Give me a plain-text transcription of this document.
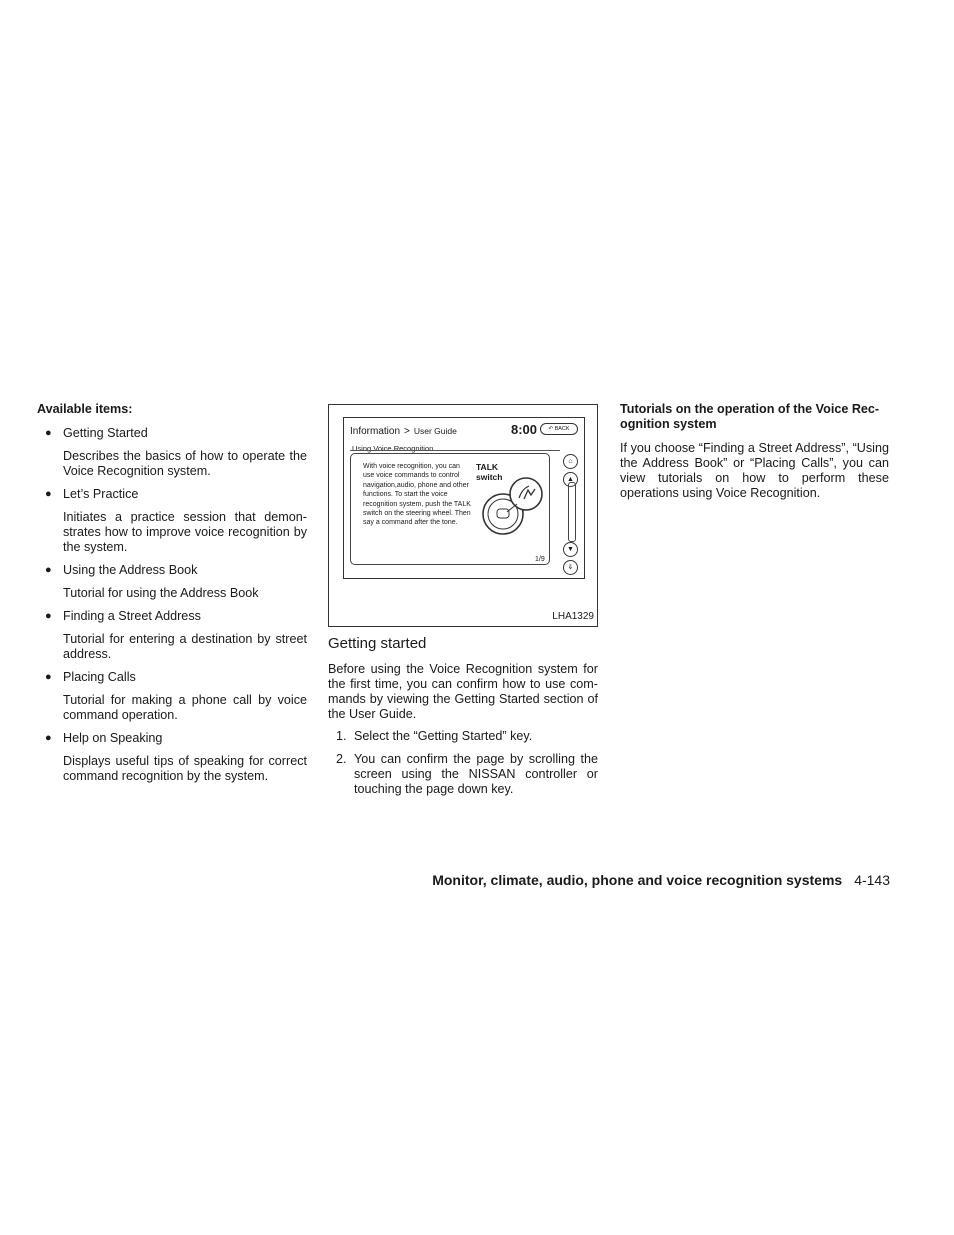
Available items:
● Getting Started
Describes the basics of how to operate the Voice Recognition system.
● Let’s Practice
Initiates a practice session that demon-strates how to improve voice recognition by the system.
● Using the Address Book
Tutorial for using the Address Book
● Finding a Street Address
Tutorial for entering a destination by street address.
● Placing Calls
Tutorial for making a phone call by voice command operation.
● Help on Speaking
Displays useful tips of speaking for correct command recognition by the system.
Information > User Guide	8:00	↶ BACK
Using Voice Recognition
With voice recognition, you can use voice commands to control navigation,audio, phone and other functions. To start the voice recognition system, push the TALK switch on the steering wheel. Then say a command after the tone.
TALK
switch
1/9
⌂
▲
▼
⇓
LHA1329
Getting started
Before using the Voice Recognition system for the first time, you can confirm how to use com-mands by viewing the Getting Started section of the User Guide.
1. Select the “Getting Started” key.
2. You can confirm the page by scrolling the screen using the NISSAN controller or touching the page down key.
Tutorials on the operation of the Voice Rec-ognition system
If you choose “Finding a Street Address”, “Using the Address Book” or “Placing Calls”, you can view tutorials on how to perform these operations using Voice Recognition.
Monitor, climate, audio, phone and voice recognition systems 4-143
